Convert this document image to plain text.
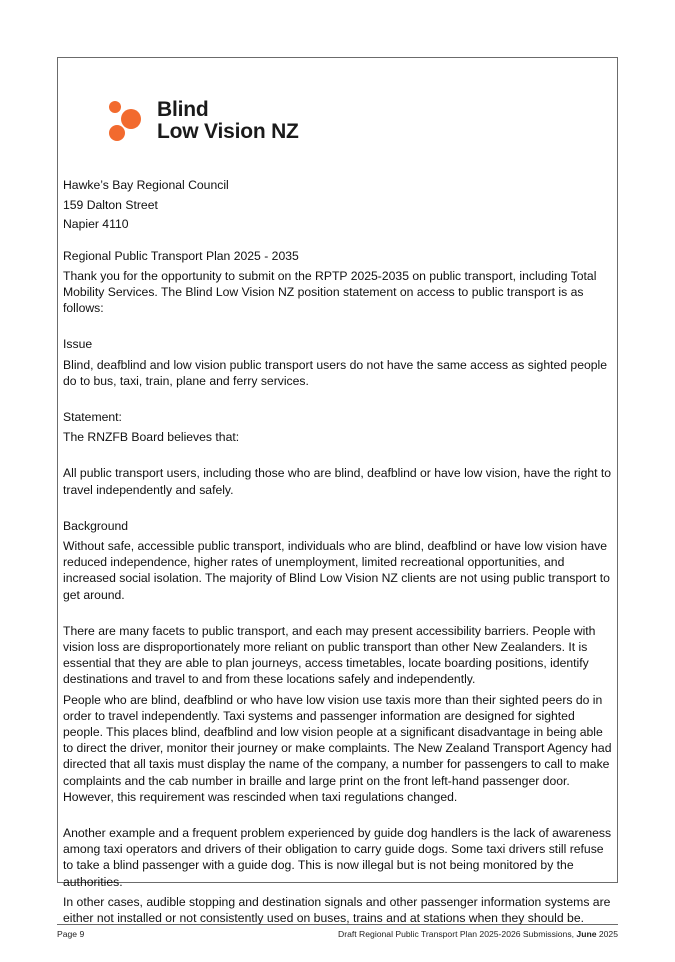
Blind
Low Vision NZ

Hawke’s Bay Regional Council

159 Dalton Street

Napier 4110

Regional Public Transport Plan 2025 - 2035

Thank you for the opportunity to submit on the RPTP 2025-2035 on public transport, including Total Mobility Services. The Blind Low Vision NZ position statement on access to public transport is as follows:

Issue

Blind, deafblind and low vision public transport users do not have the same access as sighted people do to bus, taxi, train, plane and ferry services.

Statement:

The RNZFB Board believes that:

All public transport users, including those who are blind, deafblind or have low vision, have the right to travel independently and safely.

Background

Without safe, accessible public transport, individuals who are blind, deafblind or have low vision have reduced independence, higher rates of unemployment, limited recreational opportunities, and increased social isolation. The majority of Blind Low Vision NZ clients are not using public transport to get around.

There are many facets to public transport, and each may present accessibility barriers. People with vision loss are disproportionately more reliant on public transport than other New Zealanders. It is essential that they are able to plan journeys, access timetables, locate boarding positions, identify destinations and travel to and from these locations safely and independently.

People who are blind, deafblind or who have low vision use taxis more than their sighted peers do in order to travel independently. Taxi systems and passenger information are designed for sighted people. This places blind, deafblind and low vision people at a significant disadvantage in being able to direct the driver, monitor their journey or make complaints. The New Zealand Transport Agency had directed that all taxis must display the name of the company, a number for passengers to call to make complaints and the cab number in braille and large print on the front left-hand passenger door. However, this requirement was rescinded when taxi regulations changed.

Another example and a frequent problem experienced by guide dog handlers is the lack of awareness among taxi operators and drivers of their obligation to carry guide dogs. Some taxi drivers still refuse to take a blind passenger with a guide dog. This is now illegal but is not being monitored by the authorities.

In other cases, audible stopping and destination signals and other passenger information systems are either not installed or not consistently used on buses, trains and at stations when they should be.

Page 9	Draft Regional Public Transport Plan 2025-2026 Submissions, June 2025
